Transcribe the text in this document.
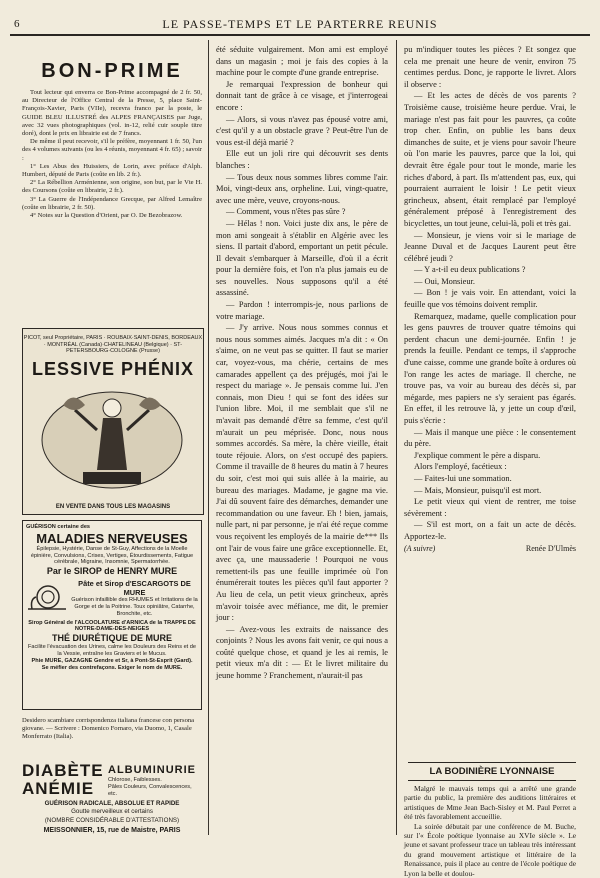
6	LE PASSE-TEMPS ET LE PARTERRE REUNIS
BON-PRIME

Tout lecteur qui enverra ce Bon-Prime accompagné de 2 fr. 50, au Directeur de l'Office Central de la Presse, 5, place Saint-François-Xavier, Paris (VIIe), recevra franco par la poste, le GUIDE BLEU ILLUSTRÉ des ALPES FRANÇAISES par Juge, avec 32 vues photographiques (vol. in-12, relié cuir souple titre doré), dont le prix en librairie est de 7 francs.

De même il peut recevoir, s'il le préfère, moyennant 1 fr. 50, l'un des 4 volumes suivants (ou les 4 réunis, moyennant 4 fr. 65) ; savoir :

1° Les Abus des Huissiers, de Lorin, avec préface d'Alph. Humbert, député de Paris (coûte en lib. 2 fr.).

2° La Rébellion Arménienne, son origine, son but, par le Vte H. des Coursons (coûte en librairie, 2 fr.).

3° La Guerre de l'Indépendance Grecque, par Alfred Lemaître (coûte en librairie, 2 fr. 50).

4° Notes sur la Question d'Orient, par O. De Bezobrazow.

PICOT, seul Propriétaire, PARIS · ROUBAIX·SAINT-DENIS, BORDEAUX · MONTRÉAL (Canada)·CHATELINEAU (Belgique) · ST-PETERSBOURG·COLOGNE (Prusse)
LESSIVE PHÉNIX
EN VENTE DANS TOUS LES MAGASINS
GUÉRISON certaine des
MALADIES NERVEUSES
Épilepsie, Hystérie, Danse de St-Guy, Affections de la Moelle épinière, Convulsions, Crises, Vertiges, Étourdissements, Fatigue cérébrale, Migraine, Insomnie, Spermatorrhée.
Par le SIROP de HENRY MURE
Pâte et Sirop d'ESCARGOTS DE MURE
Guérison infaillible des RHUMES et Irritations de la Gorge et de la Poitrine. Toux opiniâtre, Catarrhe, Bronchite, etc.
Sirop Général de l'ALCOOLATURE d'ARNICA de la TRAPPE DE NOTRE-DAME-DES-NEIGES
THÉ DIURÉTIQUE DE MURE
Facilite l'évacuation des Urines, calme les Douleurs des Reins et de la Vessie, entraîne les Graviers et le Mucus.
Phie MURE, GAZAGNE Gendre et Sr, à Pont-St-Esprit (Gard).
Se méfier des contrefaçons. Exiger le nom de MURE.
Desidero scambiare corrispondenza italiana francese con persona giovane. — Scrivere : Domenico Fornaro, via Duomo, 1, Casale Monferrato (Italia).
DIABÈTE
ANÉMIE
ALBUMINURIE
Chlorose, Faiblesses.
Pâles Couleurs, Convalescences, etc.
GUÉRISON RADICALE, ABSOLUE ET RAPIDE
Goutte merveilleux et certains
(NOMBRE CONSIDÉRABLE D'ATTESTATIONS)
MEISSONNIER, 15, rue de Maistre, PARIS

été séduite vulgairement. Mon ami est employé dans un magasin ; moi je fais des copies à la machine pour le compte d'une grande entreprise.

Je remarquai l'expression de bonheur qui donnait tant de grâce à ce visage, et j'interrogeai encore :

— Alors, si vous n'avez pas épousé votre ami, c'est qu'il y a un obstacle grave ? Peut-être l'un de vous est-il déjà marié ?

Elle eut un joli rire qui découvrit ses dents blanches :

— Tous deux nous sommes libres comme l'air. Moi, vingt-deux ans, orpheline. Lui, vingt-quatre, avec une mère, veuve, croyons-nous.

— Comment, vous n'êtes pas sûre ?

— Hélas ! non. Voici juste dix ans, le père de mon ami songeait à s'établir en Algérie avec les siens. Il partait d'abord, emportant un petit pécule. Il devait s'embarquer à Marseille, d'où il a écrit pour la dernière fois, et l'on n'a plus jamais eu de ses nouvelles. Nous supposons qu'il a été assassiné.

— Pardon ! interrompis-je, nous parlions de votre mariage.

— J'y arrive. Nous nous sommes connus et nous nous sommes aimés. Jacques m'a dit : « On s'aime, on ne veut pas se quitter. Il faut se marier car, voyez-vous, ma chérie, certains de mes camarades appellent ça des préjugés, moi j'ai le respect du mariage ». Je pensais comme lui. J'en connais, mon Dieu ! qui se font des idées sur l'union libre. Moi, il me semblait que s'il ne m'avait pas demandé d'être sa femme, c'est qu'il m'aurait un peu méprisée. Donc, nous nous sommes accordés. Sa mère, la chère vieille, était toute réjouie. Alors, on s'est occupé des papiers. Comme il travaille de 8 heures du matin à 7 heures du soir, c'est moi qui suis allée à la mairie, au bureau des mariages. Madame, je gagne ma vie. J'ai dû souvent faire des démarches, demander une recommandation ou une faveur. Eh ! bien, jamais, nulle part, ni par personne, je n'ai été reçue comme vous reçoivent les employés de la mairie de*** Ils ont l'air de vous faire une grâce exceptionnelle. Et, avec ça, une maussaderie ! Pourquoi ne vous remettent-ils pas une feuille imprimée où l'on énumérerait toutes les pièces qu'il faut apporter ? Au lieu de cela, un petit vieux grincheux, après m'avoir toisée avec méfiance, me dit, le premier jour :

— Avez-vous les extraits de naissance des conjoints ? Nous les avons fait venir, ce qui nous a coûté quelque chose, et quand je les ai remis, le petit vieux m'a dit : — Et le livret militaire du jeune homme ? Franchement, n'aurait-il pas

pu m'indiquer toutes les pièces ? Et songez que cela me prenait une heure de venir, environ 75 centimes perdus. Donc, je rapporte le livret. Alors il observe :

— Et les actes de décès de vos parents ? Troisième cause, troisième heure perdue. Vrai, le mariage n'est pas fait pour les pauvres, ça coûte trop cher. Enfin, on publie les bans deux dimanches de suite, et je viens pour savoir l'heure où l'on marie les pauvres, parce que la loi, qui devrait être égale pour tout le monde, marie les riches d'abord, à part. Ils m'attendent pas, eux, qui pourraient aurraient le loisir ! Le petit vieux grincheux, absent, était remplacé par l'employé généralement préposé à l'enregistrement des bicyclettes, un tout jeune, celui-là, poli et très gai.

— Monsieur, je viens voir si le mariage de Jeanne Duval et de Jacques Laurent peut être célébré jeudi ?

— Y a-t-il eu deux publications ?

— Oui, Monsieur.

— Bon ! je vais voir. En attendant, voici la feuille que vos témoins doivent remplir.

Remarquez, madame, quelle complication pour les gens pauvres de trouver quatre témoins qui perdent chacun une demi-journée. Enfin ! je prends la feuille. Pendant ce temps, il s'approche d'une caisse, comme une grande boîte à ordures où l'on range les actes de mariage. Il cherche, ne trouve pas, va voir au bureau des décès si, par mégarde, mes papiers ne s'y seraient pas égarés. En effet, il les retrouve là, y jette un coup d'œil, puis s'écrie :

— Mais il manque une pièce : le consentement du père.

J'explique comment le père a disparu.

Alors l'employé, facétieux :

— Faites-lui une sommation.

— Mais, Monsieur, puisqu'il est mort.

Le petit vieux qui vient de rentrer, me toise sévèrement :

— S'il est mort, on a fait un acte de décès. Apportez-le.

(A suivre)	Renée D'Ulmès
LA BODINIÈRE LYONNAISE

Malgré le mauvais temps qui a arrêté une grande partie du public, la première des auditions littéraires et artistiques de Mme Jean Bach-Sisley et M. Paul Perret a été très favorablement accueillie.

La soirée débutait par une conférence de M. Buche, sur l'« École poétique lyonnaise au XVIe siècle ». Le jeune et savant professeur trace un tableau très intéressant du grand mouvement artistique et littéraire de la Renaissance, puis il place au centre de l'école poétique de Lyon la belle et doulou-
